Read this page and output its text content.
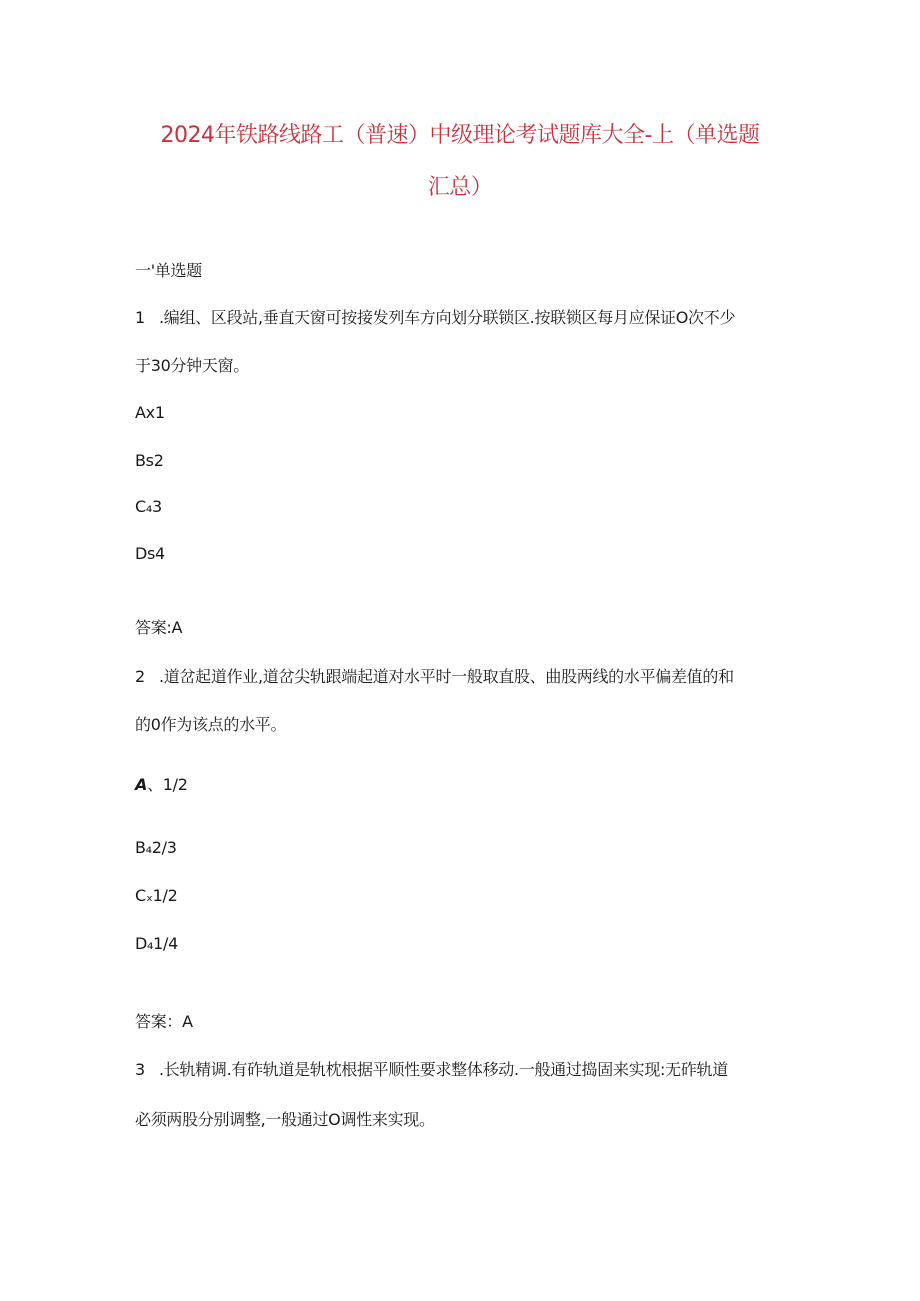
2024年铁路线路工（普速）中级理论考试题库大全-上（单选题
汇总）
一'单选题
1 .编组、区段站,垂直天窗可按接发列车方向划分联锁区.按联锁区每月应保证O次不少
于30分钟天窗。
Ax1
Bs2
C₄3
Ds4
答案:A
2 .道岔起道作业,道岔尖轨跟端起道对水平时一般取直股、曲股两线的水平偏差值的和
的0作为该点的水平。
A、1/2
B₄2/3
Cₓ1/2
D₄1/4
答案：A
3 .长轨精调.有砟轨道是轨枕根据平顺性要求整体移动.一般通过捣固来实现:无砟轨道
必须两股分别调整,一般通过O调性来实现。
